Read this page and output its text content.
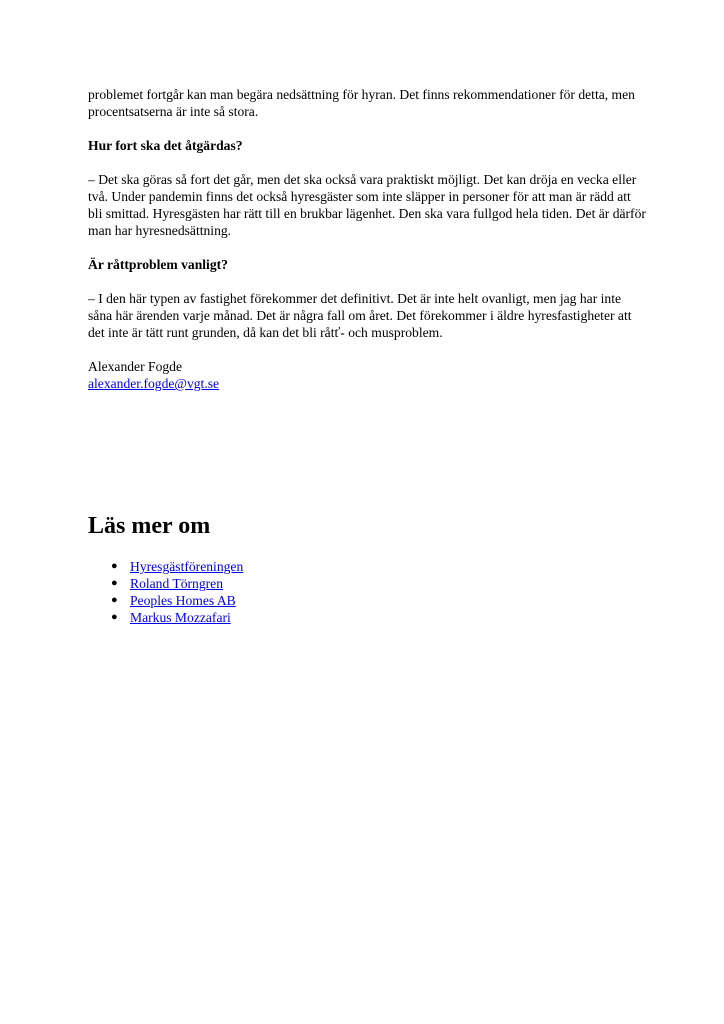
problemet fortgår kan man begära nedsättning för hyran. Det finns rekommendationer för detta, men procentsatserna är inte så stora.

Hur fort ska det åtgärdas?

– Det ska göras så fort det går, men det ska också vara praktiskt möjligt. Det kan dröja en vecka eller två. Under pandemin finns det också hyresgäster som inte släpper in personer för att man är rädd att bli smittad. Hyresgästen har rätt till en brukbar lägenhet. Den ska vara fullgod hela tiden. Det är därför man har hyresnedsättning.

Är råttproblem vanligt?

– I den här typen av fastighet förekommer det definitivt. Det är inte helt ovanligt, men jag har inte såna här ärenden varje månad. Det är några fall om året. Det förekommer i äldre hyresfastigheter att det inte är tätt runt grunden, då kan det bli råtť- och musproblem.

Alexander Fogde

alexander.fogde@vgt.se

Läs mer om
● Hyresgästföreningen
● Roland Törngren
● Peoples Homes AB
● Markus Mozzafari
